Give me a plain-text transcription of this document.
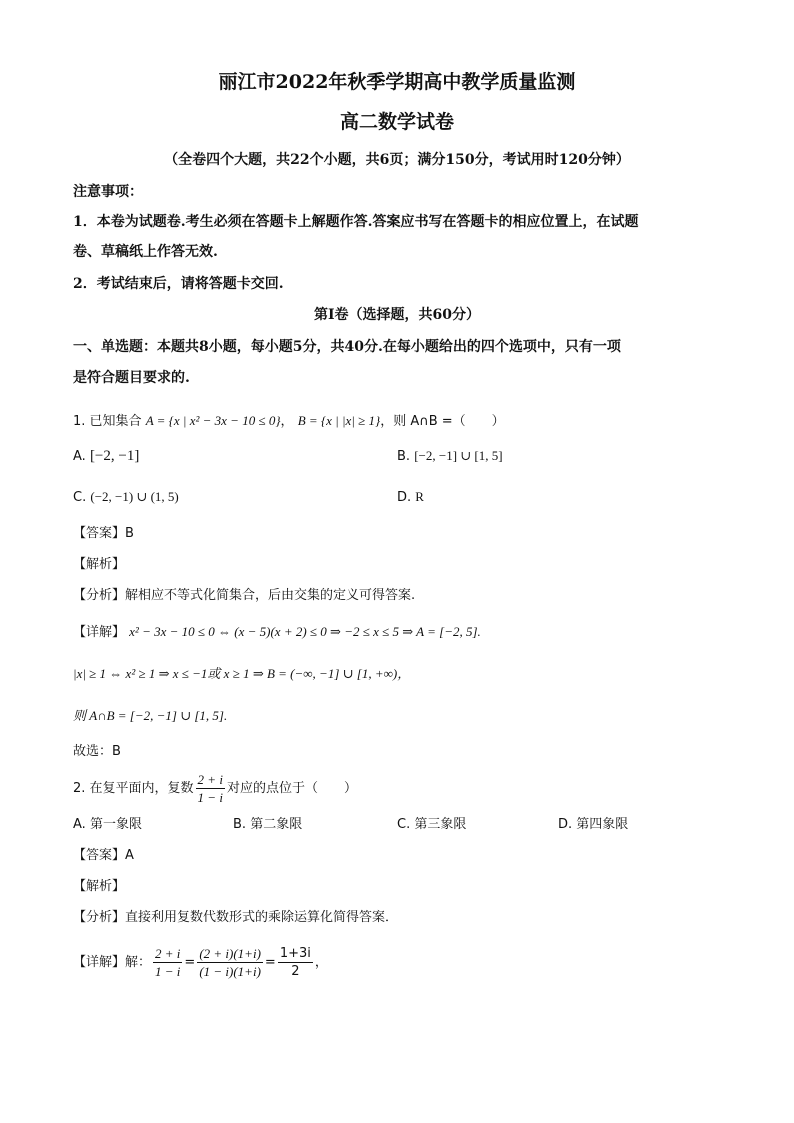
丽江市2022年秋季学期高中教学质量监测
高二数学试卷
（全卷四个大题，共22个小题，共6页；满分150分，考试用时120分钟）
注意事项：
1．本卷为试题卷.考生必须在答题卡上解题作答.答案应书写在答题卡的相应位置上，在试题
卷、草稿纸上作答无效.
2．考试结束后，请将答题卡交回.
第Ⅰ卷（选择题，共60分）
一、单选题：本题共8小题，每小题5分，共40分.在每小题给出的四个选项中，只有一项
是符合题目要求的.
1. 已知集合 A = {x | x² − 3x − 10 ≤ 0}， B = {x | |x| ≥ 1}，则 A∩B =（　　）
A. [−2, −1]	B. [−2, −1] ∪ [1, 5]
C. (−2, −1) ∪ (1, 5)	D. R
【答案】B
【解析】
【分析】解相应不等式化简集合，后由交集的定义可得答案.
【详解】 x² − 3x − 10 ≤ 0 ⇔ (x − 5)(x + 2) ≤ 0 ⇒ −2 ≤ x ≤ 5 ⇒ A = [−2, 5].
|x| ≥ 1 ⇔ x² ≥ 1 ⇒ x ≤ −1或 x ≥ 1 ⇒ B = (−∞, −1] ∪ [1, +∞)，
则 A∩B = [−2, −1] ∪ [1, 5].
故选：B
2. 在复平面内，复数 $\frac{2 + i}{1 - i}$ 对应的点位于（　　）
A. 第一象限	B. 第二象限	C. 第三象限	D. 第四象限
【答案】A
【解析】
【分析】直接利用复数代数形式的乘除运算化简得答案．
【详解】解： $\frac{2 + i}{1 - i} = \frac{(2 + i)(1+i)}{(1 - i)(1+i)} = \frac{1+3i}{2}$ ，
